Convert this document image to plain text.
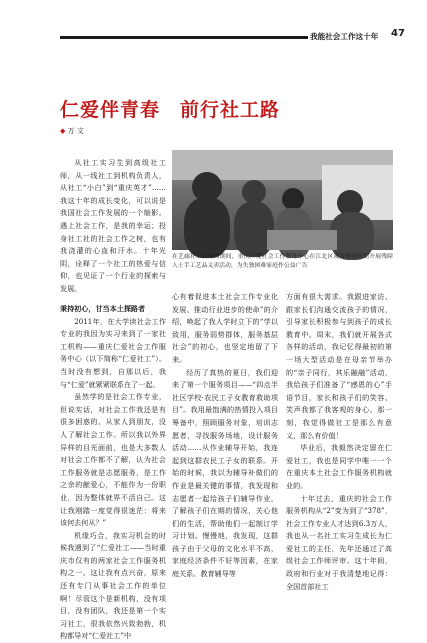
我能社会工作这十年	47
仁爱伴青春　前行社工路
◆ 万 文

从社工实习生到高级社工师，从一线社工到机构负责人，从社工“小白”到“重庆英才”……我这十年的成长变化，可以说是我国社会工作发展的一个缩影。遇上社会工作，是我的幸运；投身社工社的社会工作之树，也有我浇灌的心血和汗水。十年光阴，诠释了一个社工的热爱与信仰，也见证了一个行业的探索与发展。

秉持初心，甘当本土探路者

2011年，在大学读社会工作专业的我因为实习来到了一家社工机构——重庆仁爱社会工作服务中心（以下简称“仁爱社工”）。当时没有想到，自那以后，我与“仁爱”就紧紧联系在了一起。

虽然学的是社会工作专业，但说实话，对社会工作我还是有很多困惑的。从家人到朋友，没人了解社会工作。所以我以外界异样的目光面前，也是大多数人对社会工作都不了解，认为社会工作服务就是志愿服务，是工作之余的献爱心，不能作为一份职业，因为整体就界不活自己。这让我刚踏一度觉得很迷茫：将来该何去何从？”

机缘巧合，我实习机会的时候我遇到了“仁爱社工——当时重庆市仅有的两家社会工作服务机构之一。这让我有点兴奋，原来还有专门从事社会工作的单位啊！尽管这个是新机构，没有项目，没有团队，我还是第一个实习社工，很我依然兴致勃勃，机构都导对“仁爱社工”中

在艺廊社工宣传周期间，重庆仁爱社会工作服务中心在江北区观音桥步行街开展残障人士手工艺品义卖活动，为失独困难家庭作公益广告

心有着促进本土社会工作专业化发展、推动行业进步的使命”的介绍，唤起了我人学时立下的“学以致用，服务弱势群体，服务基层社会”的初心，也坚定地留了下来。

经历了真热的夏日，我们迎来了第一个服务项目——“四点半社区学校·农民工子女教育救助项目”。我用最饱满的热情投入项目筹备中，照顾服务对象，培训志愿者，寻找服务场地，设计服务活动……从作业辅导开始，我连起到这群农民工子女的联系。开始的时候，我以为辅导补做们的作业是最关键的事情，我发现和志愿者一起给孩子们辅导作业，了解孩子们在期的情况，关心他们的生活，帮助他们一起制订学习计划。慢慢地，我发现，这群孩子由于父母的文化水平不高，家庭经济条件不好等因素，在家庭关系、教育辅导等

方面有很大需求。我跟进家访、跟家长们沟通交流孩子的情况，引导家长积极参与到孩子的成长教育中。周末，我们就开展各式各样的活动，我记忆得最初的第一场大型活动是在母亲节举办的“亲子同行，其乐融融”活动，我给孩子们准备了“感恩的心”手语节目，家长和孩子们的笑容、笑声我都了我客观的身心、那一刻，我觉得做社工是那么有意义，那么有价值！

毕业后，我毅然决定留在仁爱社工，我也是同学中唯一一个在重庆本土社会工作服务机构就业的。

十年过去，重庆的社会工作服务机构从“2”变为到了“378”，社会工作专业人才达到6.3万人，我也从一名社工实习生成长为仁爱社工的主任，先年还通过了高级社会工作师评审。这十年间，政府和行业对于我清楚地记得：全国首部社工
